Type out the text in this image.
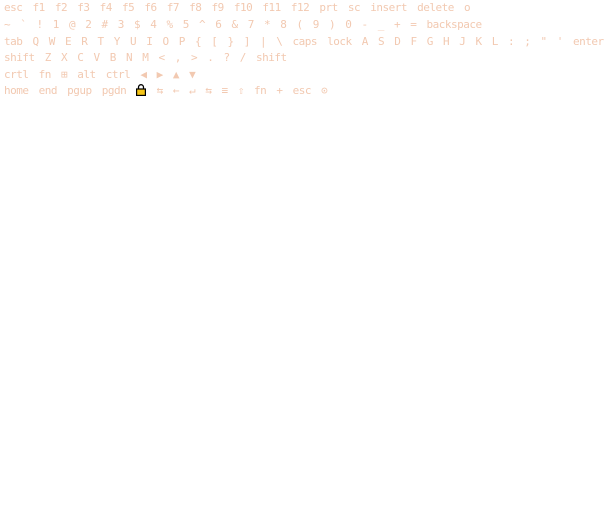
esc f1 f2 f3 f4 f5 f6 f7 f8 f9 f10 f11 f12 prt sc insert delete o
~ ` ! 1 @ 2 # 3 $ 4 % 5 ^ 6 & 7 * 8 ( 9 ) 0 - _ + = backspace
tab Q W E R T Y U I O P { [ } ] | \ caps lock A S D F G H J K L : ; " ' enter
shift Z X C V B N M < , > . ? / shift
crtl fn ⊞ alt ctrl ◀ ▶ ▲ ▼
home end pgup pgdn	⇆ ← ↵ ⇆ ≡ ⇧ fn + esc ⊙
